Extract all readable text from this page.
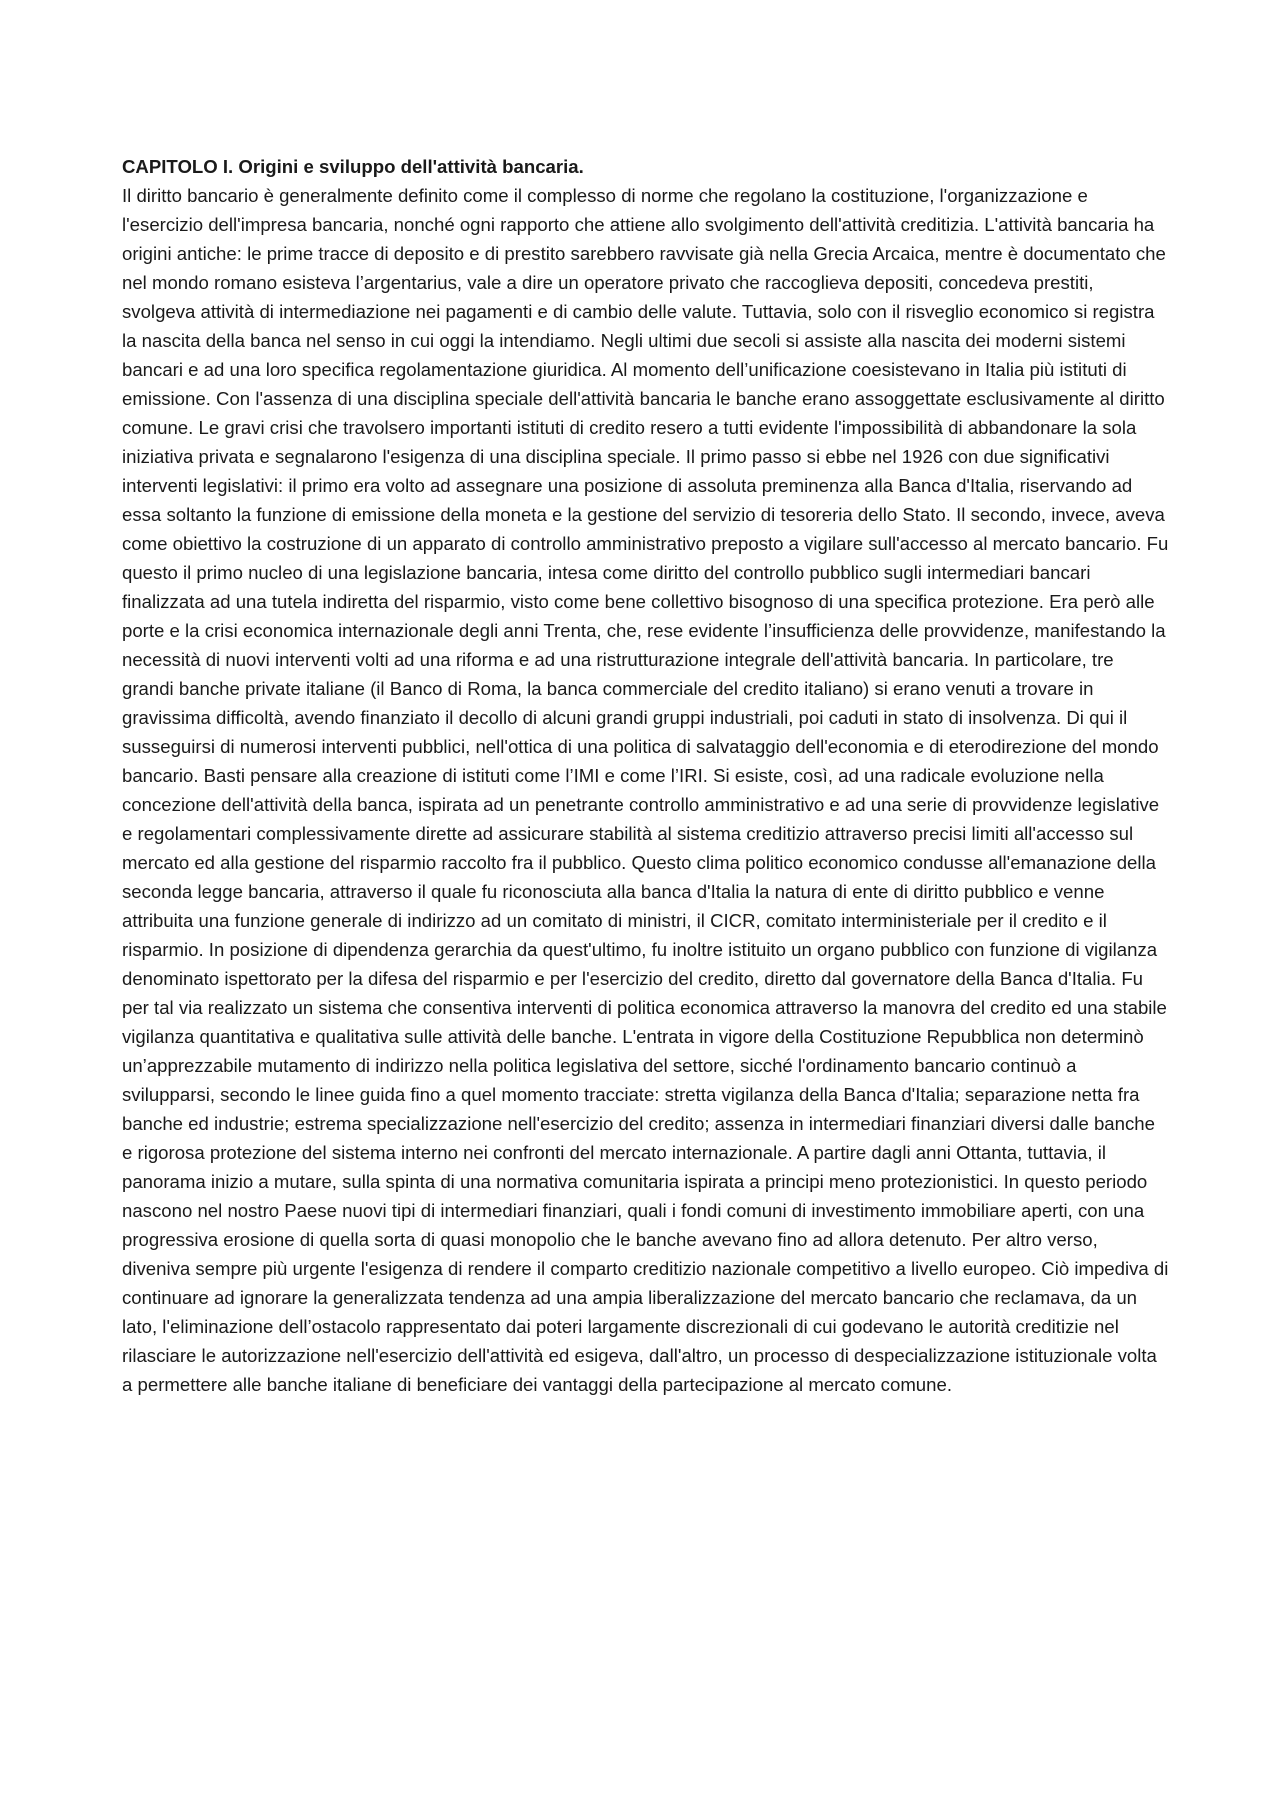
CAPITOLO I. Origini e sviluppo dell'attività bancaria.

Il diritto bancario è generalmente definito come il complesso di norme che regolano la costituzione, l'organizzazione e l'esercizio dell'impresa bancaria, nonché ogni rapporto che attiene allo svolgimento dell'attività creditizia. L'attività bancaria ha origini antiche: le prime tracce di deposito e di prestito sarebbero ravvisate già nella Grecia Arcaica, mentre è documentato che nel mondo romano esisteva l’argentarius, vale a dire un operatore privato che raccoglieva depositi, concedeva prestiti, svolgeva attività di intermediazione nei pagamenti e di cambio delle valute. Tuttavia, solo con il risveglio economico si registra la nascita della banca nel senso in cui oggi la intendiamo. Negli ultimi due secoli si assiste alla nascita dei moderni sistemi bancari e ad una loro specifica regolamentazione giuridica. Al momento dell’unificazione coesistevano in Italia più istituti di emissione. Con l'assenza di una disciplina speciale dell'attività bancaria le banche erano assoggettate esclusivamente al diritto comune. Le gravi crisi che travolsero importanti istituti di credito resero a tutti evidente l'impossibilità di abbandonare la sola iniziativa privata e segnalarono l'esigenza di una disciplina speciale. Il primo passo si ebbe nel 1926 con due significativi interventi legislativi: il primo era volto ad assegnare una posizione di assoluta preminenza alla Banca d'Italia, riservando ad essa soltanto la funzione di emissione della moneta e la gestione del servizio di tesoreria dello Stato. Il secondo, invece, aveva come obiettivo la costruzione di un apparato di controllo amministrativo preposto a vigilare sull'accesso al mercato bancario. Fu questo il primo nucleo di una legislazione bancaria, intesa come diritto del controllo pubblico sugli intermediari bancari finalizzata ad una tutela indiretta del risparmio, visto come bene collettivo bisognoso di una specifica protezione. Era però alle porte e la crisi economica internazionale degli anni Trenta, che, rese evidente l’insufficienza delle provvidenze, manifestando la necessità di nuovi interventi volti ad una riforma e ad una ristrutturazione integrale dell'attività bancaria. In particolare, tre grandi banche private italiane (il Banco di Roma, la banca commerciale del credito italiano) si erano venuti a trovare in gravissima difficoltà, avendo finanziato il decollo di alcuni grandi gruppi industriali, poi caduti in stato di insolvenza. Di qui il susseguirsi di numerosi interventi pubblici, nell'ottica di una politica di salvataggio dell'economia e di eterodirezione del mondo bancario. Basti pensare alla creazione di istituti come l’IMI e come l’IRI. Si esiste, così, ad una radicale evoluzione nella concezione dell'attività della banca, ispirata ad un penetrante controllo amministrativo e ad una serie di provvidenze legislative e regolamentari complessivamente dirette ad assicurare stabilità al sistema creditizio attraverso precisi limiti all'accesso sul mercato ed alla gestione del risparmio raccolto fra il pubblico. Questo clima politico economico condusse all'emanazione della seconda legge bancaria, attraverso il quale fu riconosciuta alla banca d'Italia la natura di ente di diritto pubblico e venne attribuita una funzione generale di indirizzo ad un comitato di ministri, il CICR, comitato interministeriale per il credito e il risparmio. In posizione di dipendenza gerarchia da quest'ultimo, fu inoltre istituito un organo pubblico con funzione di vigilanza denominato ispettorato per la difesa del risparmio e per l'esercizio del credito, diretto dal governatore della Banca d'Italia. Fu per tal via realizzato un sistema che consentiva interventi di politica economica attraverso la manovra del credito ed una stabile vigilanza quantitativa e qualitativa sulle attività delle banche. L'entrata in vigore della Costituzione Repubblica non determinò un’apprezzabile mutamento di indirizzo nella politica legislativa del settore, sicché l'ordinamento bancario continuò a svilupparsi, secondo le linee guida fino a quel momento tracciate: stretta vigilanza della Banca d'Italia; separazione netta fra banche ed industrie; estrema specializzazione nell'esercizio del credito; assenza in intermediari finanziari diversi dalle banche e rigorosa protezione del sistema interno nei confronti del mercato internazionale. A partire dagli anni Ottanta, tuttavia, il panorama inizio a mutare, sulla spinta di una normativa comunitaria ispirata a principi meno protezionistici. In questo periodo nascono nel nostro Paese nuovi tipi di intermediari finanziari, quali i fondi comuni di investimento immobiliare aperti, con una progressiva erosione di quella sorta di quasi monopolio che le banche avevano fino ad allora detenuto. Per altro verso, diveniva sempre più urgente l'esigenza di rendere il comparto creditizio nazionale competitivo a livello europeo. Ciò impediva di continuare ad ignorare la generalizzata tendenza ad una ampia liberalizzazione del mercato bancario che reclamava, da un lato, l'eliminazione dell’ostacolo rappresentato dai poteri largamente discrezionali di cui godevano le autorità creditizie nel rilasciare le autorizzazione nell'esercizio dell'attività ed esigeva, dall'altro, un processo di despecializzazione istituzionale volta a permettere alle banche italiane di beneficiare dei vantaggi della partecipazione al mercato comune.
